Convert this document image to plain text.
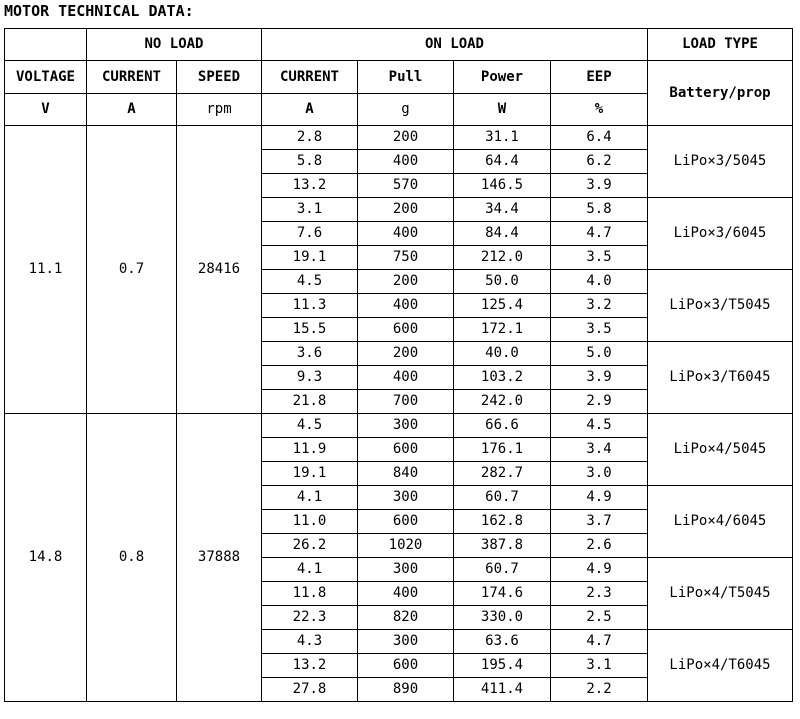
MOTOR TECHNICAL DATA:
	NO LOAD		ON LOAD				LOAD TYPE
VOLTAGE	CURRENT	SPEED	CURRENT	Pull	Power	EEP	Battery/prop
V	A	rpm	A	g	W	%	
11.1	0.7	28416	2.8	200	31.1	6.4	LiPo×3/5045
			5.8	400	64.4	6.2	
			13.2	570	146.5	3.9	
			3.1	200	34.4	5.8	LiPo×3/6045
			7.6	400	84.4	4.7	
			19.1	750	212.0	3.5	
			4.5	200	50.0	4.0	LiPo×3/T5045
			11.3	400	125.4	3.2	
			15.5	600	172.1	3.5	
			3.6	200	40.0	5.0	LiPo×3/T6045
			9.3	400	103.2	3.9	
			21.8	700	242.0	2.9	
14.8	0.8	37888	4.5	300	66.6	4.5	LiPo×4/5045
			11.9	600	176.1	3.4	
			19.1	840	282.7	3.0	
			4.1	300	60.7	4.9	LiPo×4/6045
			11.0	600	162.8	3.7	
			26.2	1020	387.8	2.6	
			4.1	300	60.7	4.9	LiPo×4/T5045
			11.8	400	174.6	2.3	
			22.3	820	330.0	2.5	
			4.3	300	63.6	4.7	LiPo×4/T6045
			13.2	600	195.4	3.1	
			27.8	890	411.4	2.2	
